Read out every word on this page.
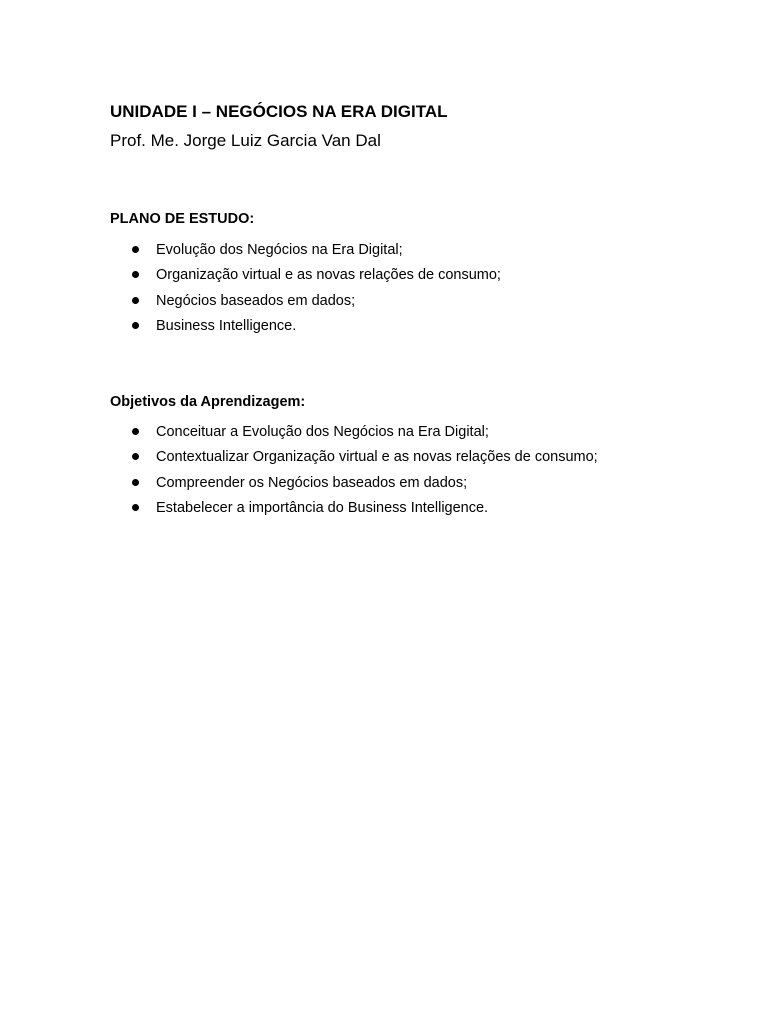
UNIDADE I – NEGÓCIOS NA ERA DIGITAL

Prof. Me. Jorge Luiz Garcia Van Dal

PLANO DE ESTUDO:
Evolução dos Negócios na Era Digital;
Organização virtual e as novas relações de consumo;
Negócios baseados em dados;
Business Intelligence.
Objetivos da Aprendizagem:
Conceituar a Evolução dos Negócios na Era Digital;
Contextualizar Organização virtual e as novas relações de consumo;
Compreender os Negócios baseados em dados;
Estabelecer a importância do Business Intelligence.
